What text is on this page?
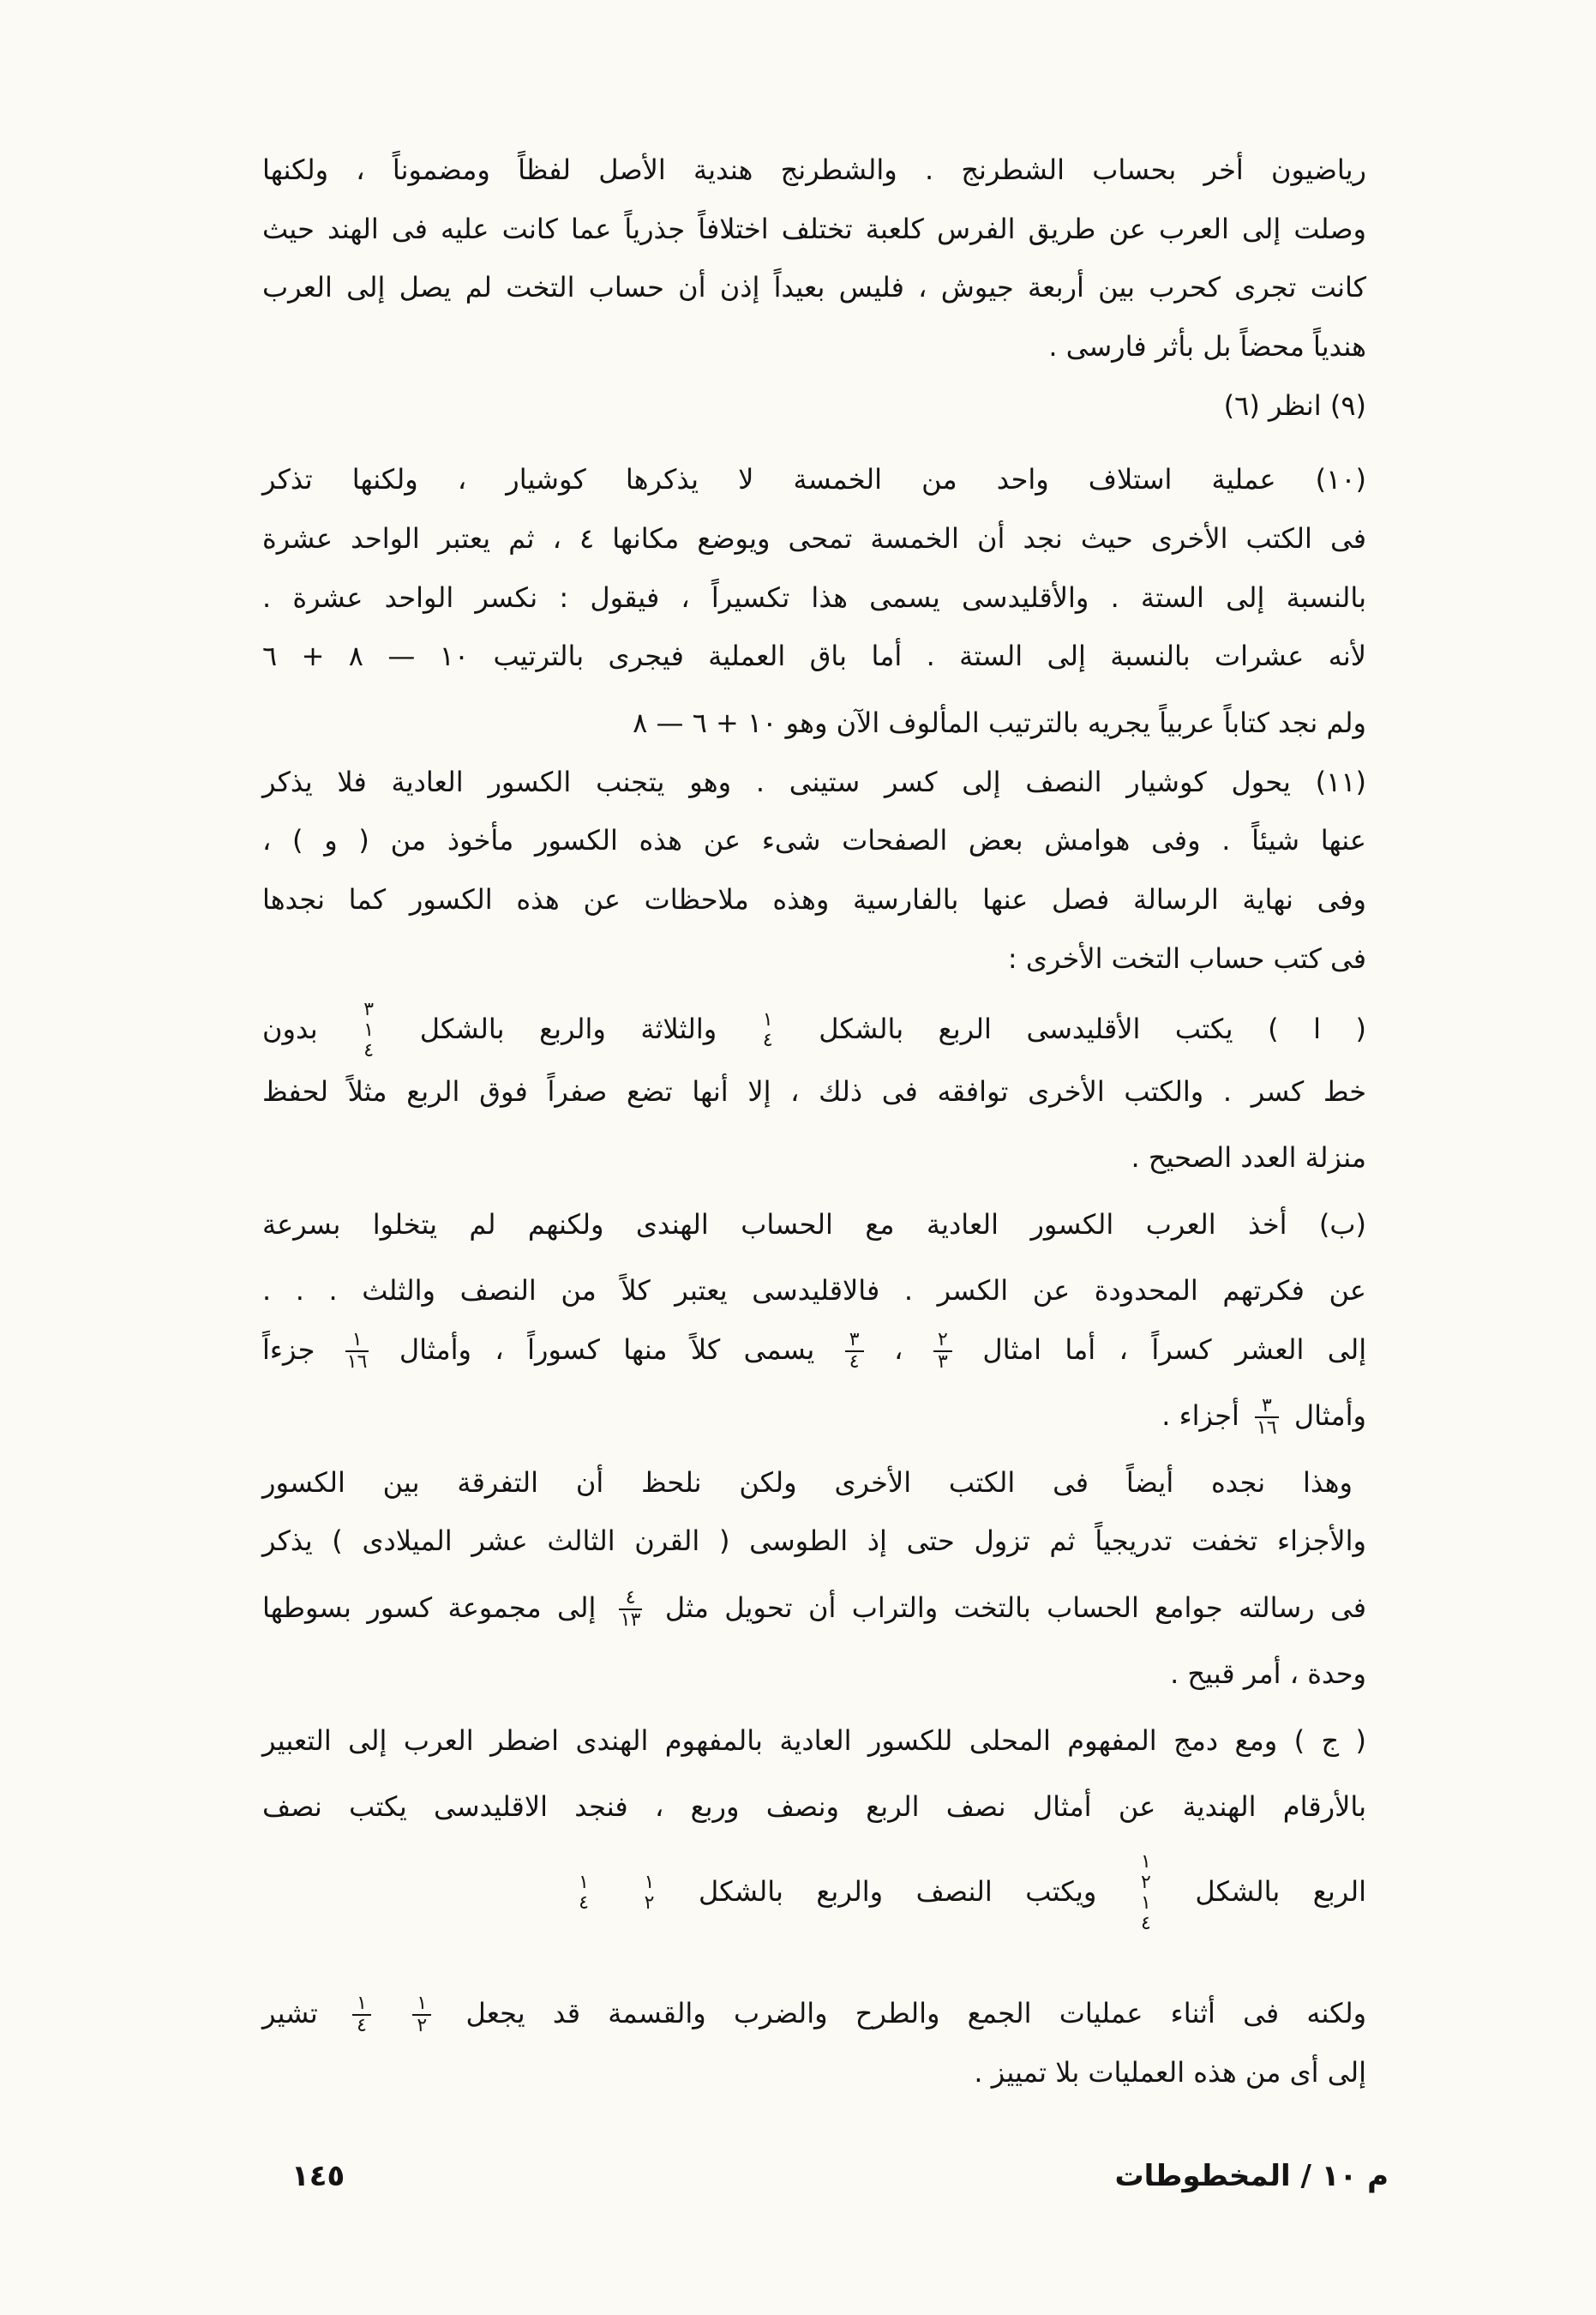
رياضيون أخر بحساب الشطرنج . والشطرنج هندية الأصل لفظاً ومضموناً ، ولكنها
وصلت إلى العرب عن طريق الفرس كلعبة تختلف اختلافاً جذرياً عما كانت عليه فى الهند حيث
كانت تجرى كحرب بين أربعة جيوش ، فليس بعيداً إذن أن حساب التخت لم يصل إلى العرب
هندياً محضاً بل بأثر فارسى .
(٩) انظر (٦)
(١٠) عملية استلاف واحد من الخمسة لا يذكرها كوشيار ، ولكنها تذكر
فى الكتب الأخرى حيث نجد أن الخمسة تمحى ويوضع مكانها ٤ ، ثم يعتبر الواحد عشرة
بالنسبة إلى الستة . والأقليدسى يسمى هذا تكسيراً ، فيقول : نكسر الواحد عشرة .
لأنه عشرات بالنسبة إلى الستة . أما باق العملية فيجرى بالترتيب ١٠ — ٨ + ٦
ولم نجد كتاباً عربياً يجريه بالترتيب المألوف الآن وهو ١٠ + ٦ — ٨
(١١) يحول كوشيار النصف إلى كسر ستينى . وهو يتجنب الكسور العادية فلا يذكر
عنها شيئاً . وفى هوامش بعض الصفحات شىء عن هذه الكسور مأخوذ من ( و ) ،
وفى نهاية الرسالة فصل عنها بالفارسية وهذه ملاحظات عن هذه الكسور كما نجدها
فى كتب حساب التخت الأخرى :
( ا ) يكتب الأقليدسى الربع بالشكل
١
٤
والثلاثة والربع بالشكل
٣
١
٤
بدون
خط كسر . والكتب الأخرى توافقه فى ذلك ، إلا أنها تضع صفراً فوق الربع مثلاً لحفظ
منزلة العدد الصحيح .
(ب) أخذ العرب الكسور العادية مع الحساب الهندى ولكنهم لم يتخلوا بسرعة
عن فكرتهم المحدودة عن الكسر . فالاقليدسى يعتبر كلاً من النصف والثلث . . .
إلى العشر كسراً ، أما امثال
$\frac{٢}{٣}$
،
$\frac{٣}{٤}$
يسمى كلاً منها كسوراً ، وأمثال
$\frac{١}{١٦}$
جزءاً
وأمثال
$\frac{٣}{١٦}$
أجزاء .
وهذا نجده أيضاً فى الكتب الأخرى ولكن نلحظ أن التفرقة بين الكسور
والأجزاء تخفت تدريجياً ثم تزول حتى إذ الطوسى ( القرن الثالث عشر الميلادى ) يذكر
فى رسالته جوامع الحساب بالتخت والتراب أن تحويل مثل
$\frac{٤}{١٣}$
إلى مجموعة كسور بسوطها
وحدة ، أمر قبيح .
( ج ) ومع دمج المفهوم المحلى للكسور العادية بالمفهوم الهندى اضطر العرب إلى التعبير
بالأرقام الهندية عن أمثال نصف الربع ونصف وربع ، فنجد الاقليدسى يكتب نصف
الربع بالشكل
١
٢
١
٤
ويكتب النصف والربع بالشكل
١
٢

١
٤
ولكنه فى أثناء عمليات الجمع والطرح والضرب والقسمة قد يجعل
$\frac{١}{٢}$

$\frac{١}{٤}$
تشير
إلى أى من هذه العمليات بلا تمييز .
م ١٠ / المخطوطات
١٤٥
